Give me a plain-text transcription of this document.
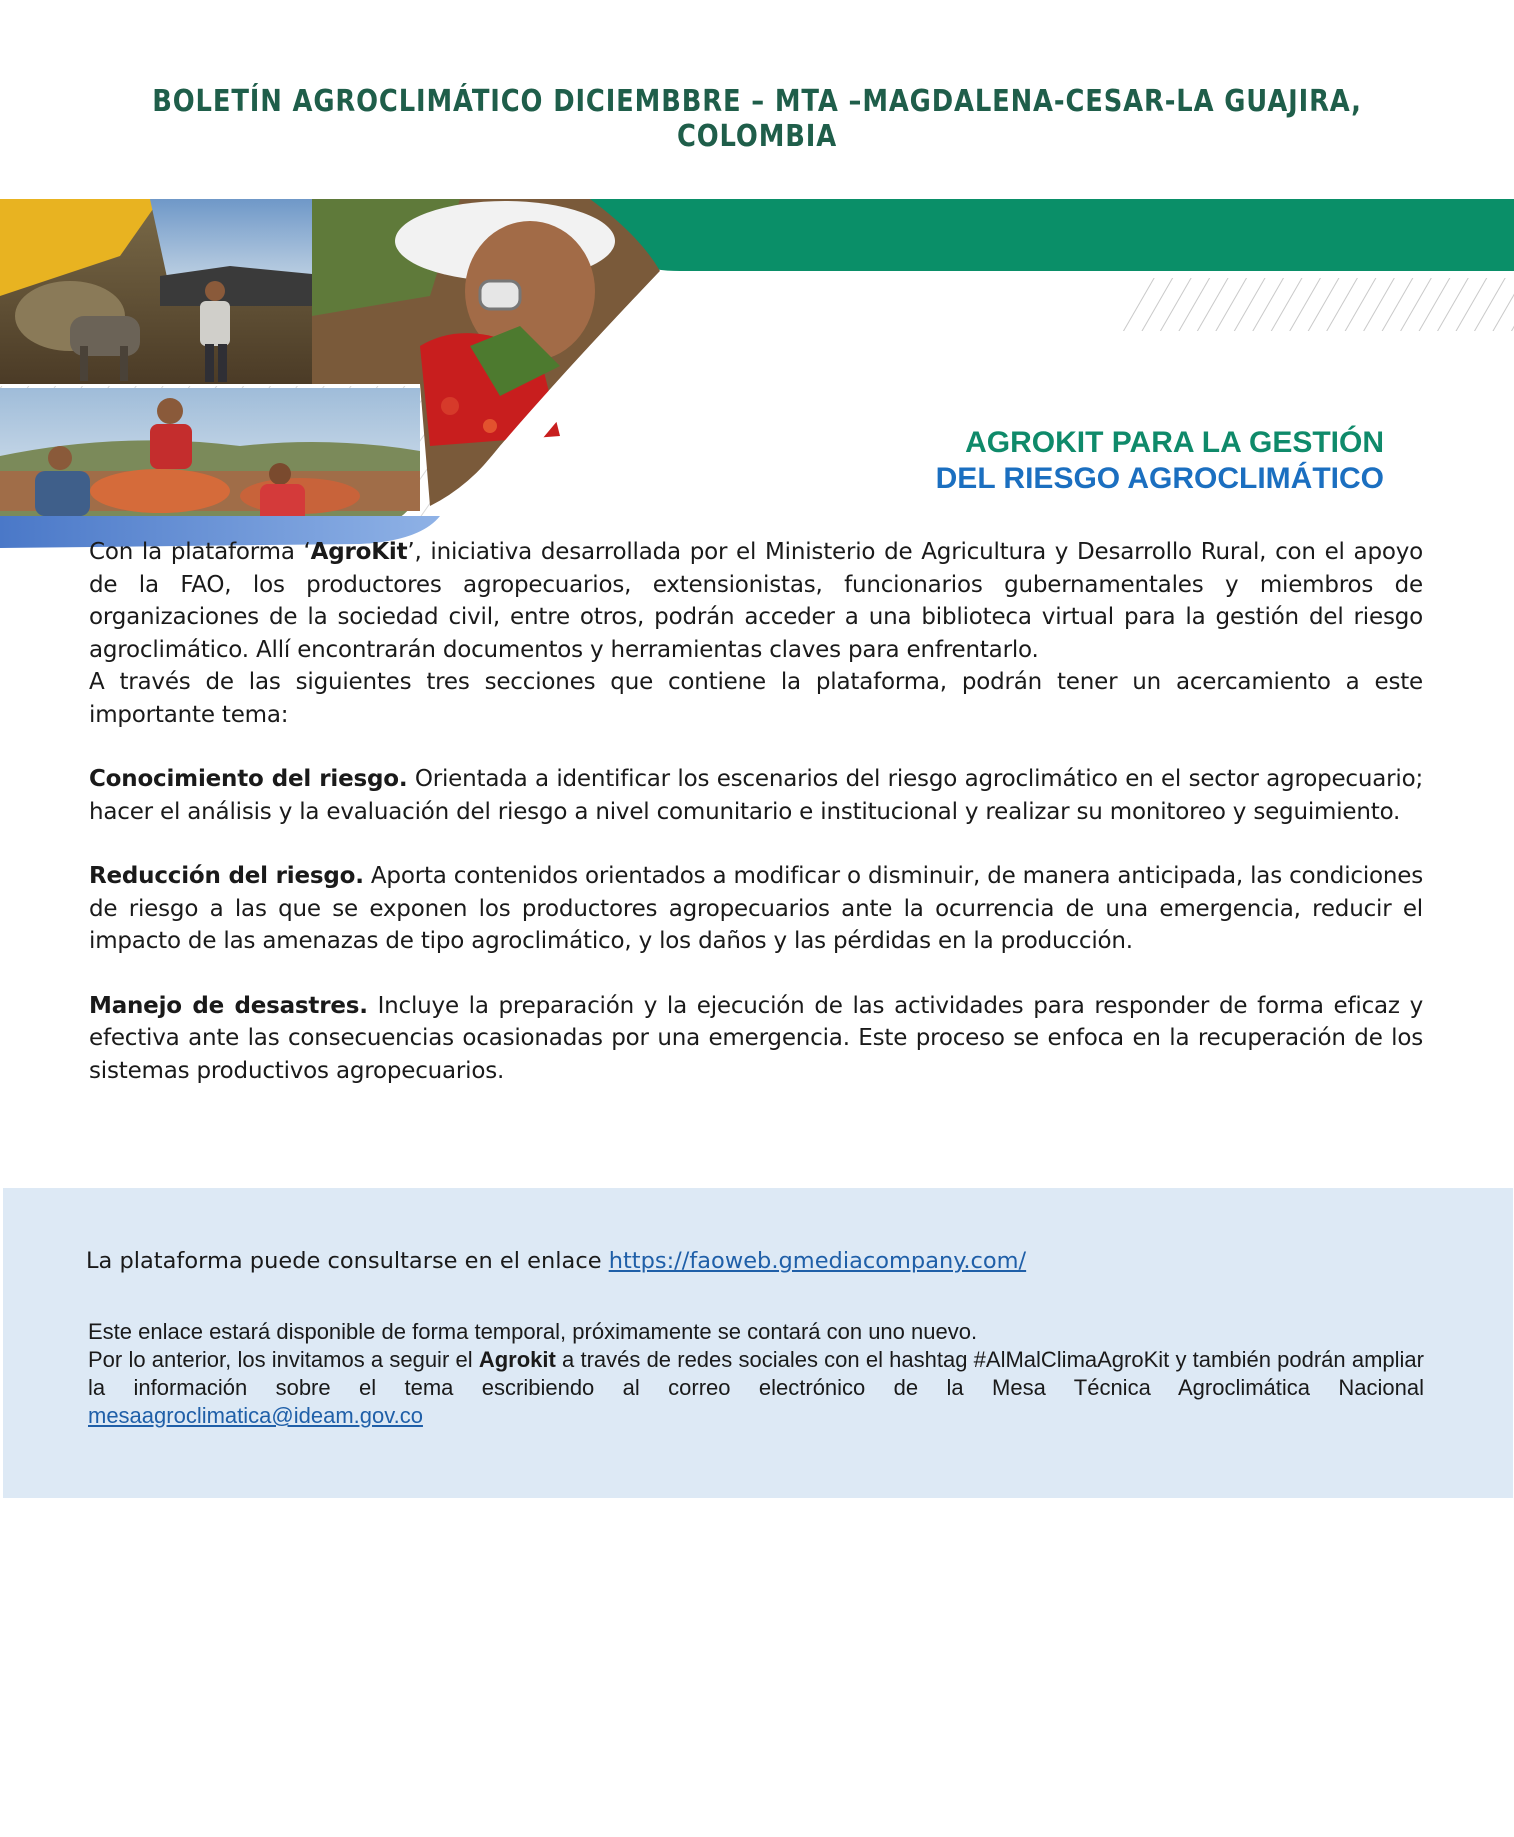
BOLETÍN AGROCLIMÁTICO DICIEMBBRE – MTA –MAGDALENA-CESAR-LA GUAJIRA, COLOMBIA
AGROKIT PARA LA GESTIÓN
DEL RIESGO AGROCLIMÁTICO

Con la plataforma ‘AgroKit’, iniciativa desarrollada por el Ministerio de Agricultura y Desarrollo Rural, con el apoyo de la FAO, los productores agropecuarios, extensionistas, funcionarios gubernamentales y miembros de organizaciones de la sociedad civil, entre otros, podrán acceder a una biblioteca virtual para la gestión del riesgo agroclimático. Allí encontrarán documentos y herramientas claves para enfrentarlo.

A través de las siguientes tres secciones que contiene la plataforma, podrán tener un acercamiento a este importante tema:

Conocimiento del riesgo. Orientada a identificar los escenarios del riesgo agroclimático en el sector agropecuario; hacer el análisis y la evaluación del riesgo a nivel comunitario e institucional y realizar su monitoreo y seguimiento.

Reducción del riesgo. Aporta contenidos orientados a modificar o disminuir, de manera anticipada, las condiciones de riesgo a las que se exponen los productores agropecuarios ante la ocurrencia de una emergencia, reducir el impacto de las amenazas de tipo agroclimático, y los daños y las pérdidas en la producción.

Manejo de desastres. Incluye la preparación y la ejecución de las actividades para responder de forma eficaz y efectiva ante las consecuencias ocasionadas por una emergencia. Este proceso se enfoca en la recuperación de los sistemas productivos agropecuarios.

La plataforma puede consultarse en el enlace https://faoweb.gmediacompany.com/
Este enlace estará disponible de forma temporal, próximamente se contará con uno nuevo.
Por lo anterior, los invitamos a seguir el Agrokit a través de redes sociales con el hashtag #AlMalClimaAgroKit y también podrán ampliar la información sobre el tema escribiendo al correo electrónico de la Mesa Técnica Agroclimática Nacional mesaagroclimatica@ideam.gov.co
